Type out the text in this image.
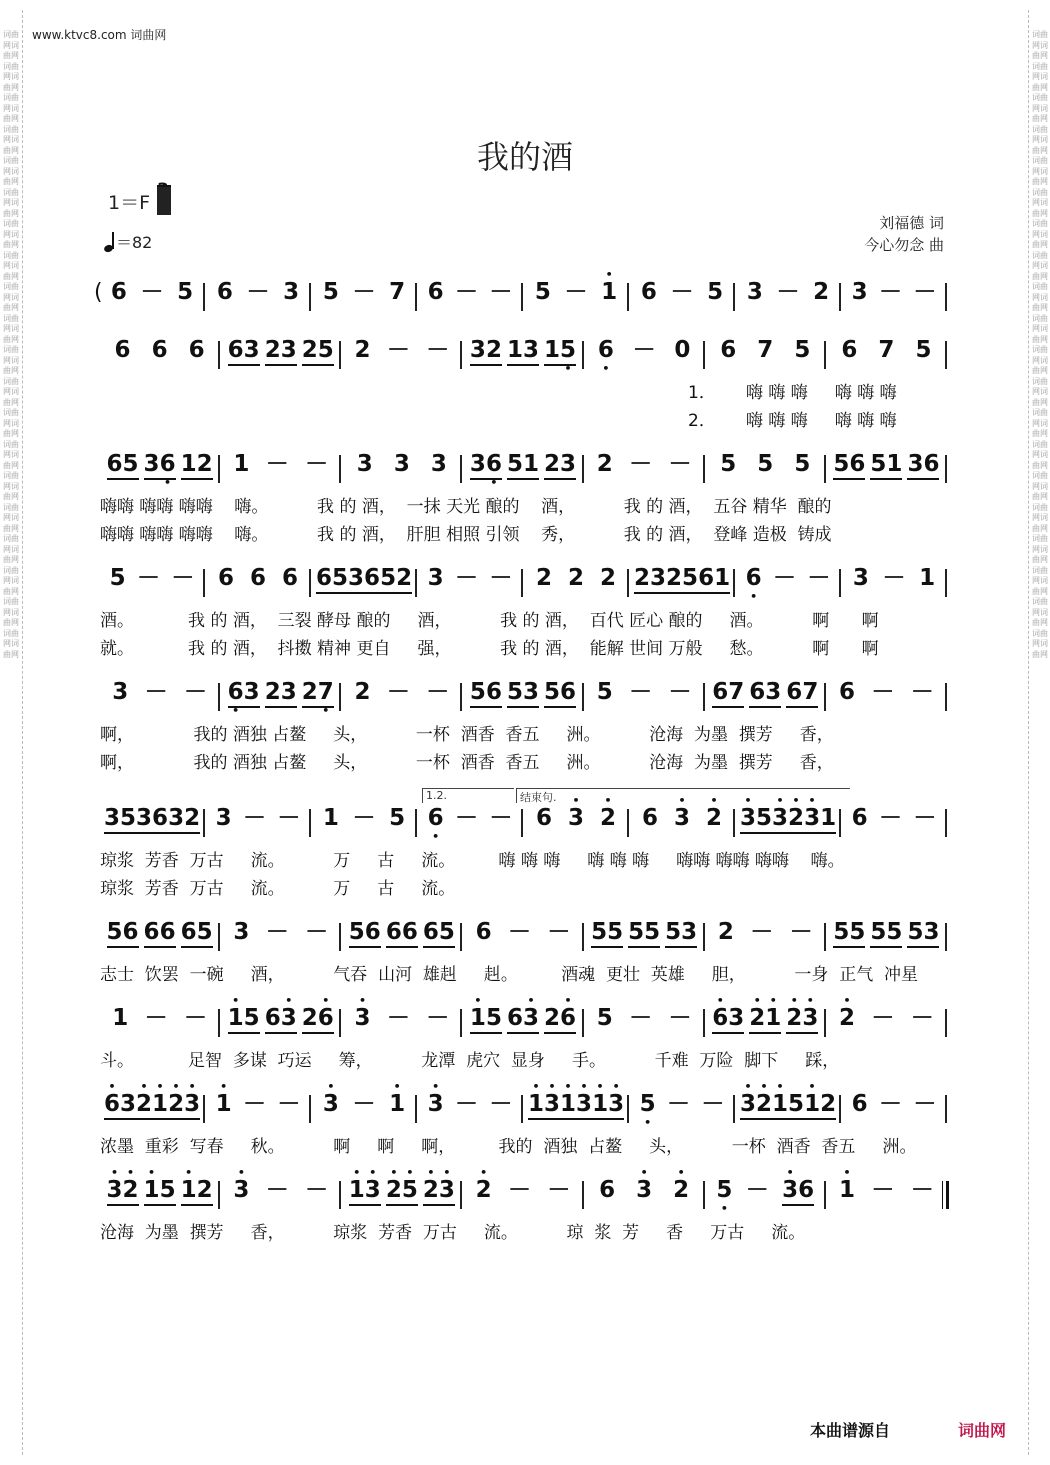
词曲网词曲网词曲网词曲网词曲网词曲网词曲网词曲网词曲网词曲网词曲网词曲网词曲网词曲网词曲网词曲网词曲网词曲网词曲网词曲网词曲网词曲网词曲网词曲网词曲网词曲网词曲网词曲网词曲网词曲网词曲网词曲网词曲网词曲网词曲网词曲网词曲网词曲网词曲网词曲网
词曲网词曲网词曲网词曲网词曲网词曲网词曲网词曲网词曲网词曲网词曲网词曲网词曲网词曲网词曲网词曲网词曲网词曲网词曲网词曲网词曲网词曲网词曲网词曲网词曲网词曲网词曲网词曲网词曲网词曲网词曲网词曲网词曲网词曲网词曲网词曲网词曲网词曲网词曲网词曲网
www.ktvc8.com 词曲网
我的酒
1＝F
＝82
刘福德 词
今心勿念 曲
( 6 － 5 6 － 3 5 － 7 6 － － 5 － • 1 6 － 5 3 － 2 3 － －
6 6 6 6 3 2 3 2 5 2 － － 3 2 1 3 1 5 • 6 • － 0 6 7 5 6 7 5
嗨 嗨 嗨     嗨 嗨 嗨
嗨 嗨 嗨     嗨 嗨 嗨
6 5 3 6 • 1 2 1 － － 3 3 3 3 6 • 5 1 2 3 2 － － 5 5 5 5 6 5 1 3 6
嗨嗨 嗨嗨 嗨嗨    嗨。         我 的 酒，  一抹 天光 酿的    酒，         我 的 酒，  五谷 精华  酿的
嗨嗨 嗨嗨 嗨嗨    嗨。         我 的 酒，  肝胆 相照 引领    秀，         我 的 酒，  登峰 造极  铸成
5 － － 6 6 6 6 5 3 6 5 2 3 － － 2 2 2 2 3 2 5 6 1 6 • － － 3 － 1
酒。          我 的 酒，  三裂 酵母 酿的     酒，         我 的 酒，  百代 匠心 酿的     酒。         啊      啊
就。          我 的 酒，  抖擞 精神 更自     强，         我 的 酒，  能解 世间 万般     愁。         啊      啊
3 － － 6 • 3 2 3 2 7 • 2 － － 5 6 5 3 5 6 5 － － 6 7 6 3 6 7 6 － －
啊，           我的 酒独 占鳌     头，         一杯  酒香  香五     洲。         沧海  为墨  撰芳     香，
啊，           我的 酒独 占鳌     头，         一杯  酒香  香五     洲。         沧海  为墨  撰芳     香，
3 5 3 6 3 2 3 － － 1 － 5 6 • － － 6 • 3 • 2 6 • 3 • 2 • 3 5 • 3 • 2 • 3 1 6 － －
琼浆  芳香  万古     流。         万     古     流。        嗨 嗨 嗨     嗨 嗨 嗨     嗨嗨 嗨嗨 嗨嗨    嗨。
琼浆  芳香  万古     流。         万     古     流。
5 6 6 6 6 5 3 － － 5 6 6 6 6 5 6 － － 5 5 5 5 5 3 2 － － 5 5 5 5 5 3
志士  饮罢  一碗     酒，         气吞  山河  雄赳     赳。        酒魂  更壮  英雄     胆，         一身  正气  冲星
1 － － • 1 5 6 • 3 2 • 6 • 3 － － • 1 5 6 • 3 2 • 6 5 － － • 6 3 • 2 • 1 • 2 • 3 • 2 － －
斗。          足智  多谋  巧运     筹，         龙潭  虎穴  显身     手。         千难  万险  脚下     踩，
• 6 3 • 2 • 1 • 2 • 3 • 1 － － • 3 － • 1 • 3 － － • 1 • 3 • 1 • 3 • 1 • 3 5 • － － • 3 • 2 • 1 5 • 1 2 6 － －
浓墨  重彩  写春     秋。         啊     啊     啊，        我的  酒独  占鳌     头，         一杯  酒香  香五     洲。
• 3 • 2 • 1 5 • 1 2 • 3 － － • 1 • 3 • 2 • 5 • 2 • 3 • 2 － － 6 • 3 • 2 5 • － • 3 6 • 1 － －
沧海  为墨  撰芳     香，         琼浆  芳香  万古     流。         琼  浆  芳     香     万古     流。
1．
2．
1.2.	结束句.
本曲谱源自	词曲网
